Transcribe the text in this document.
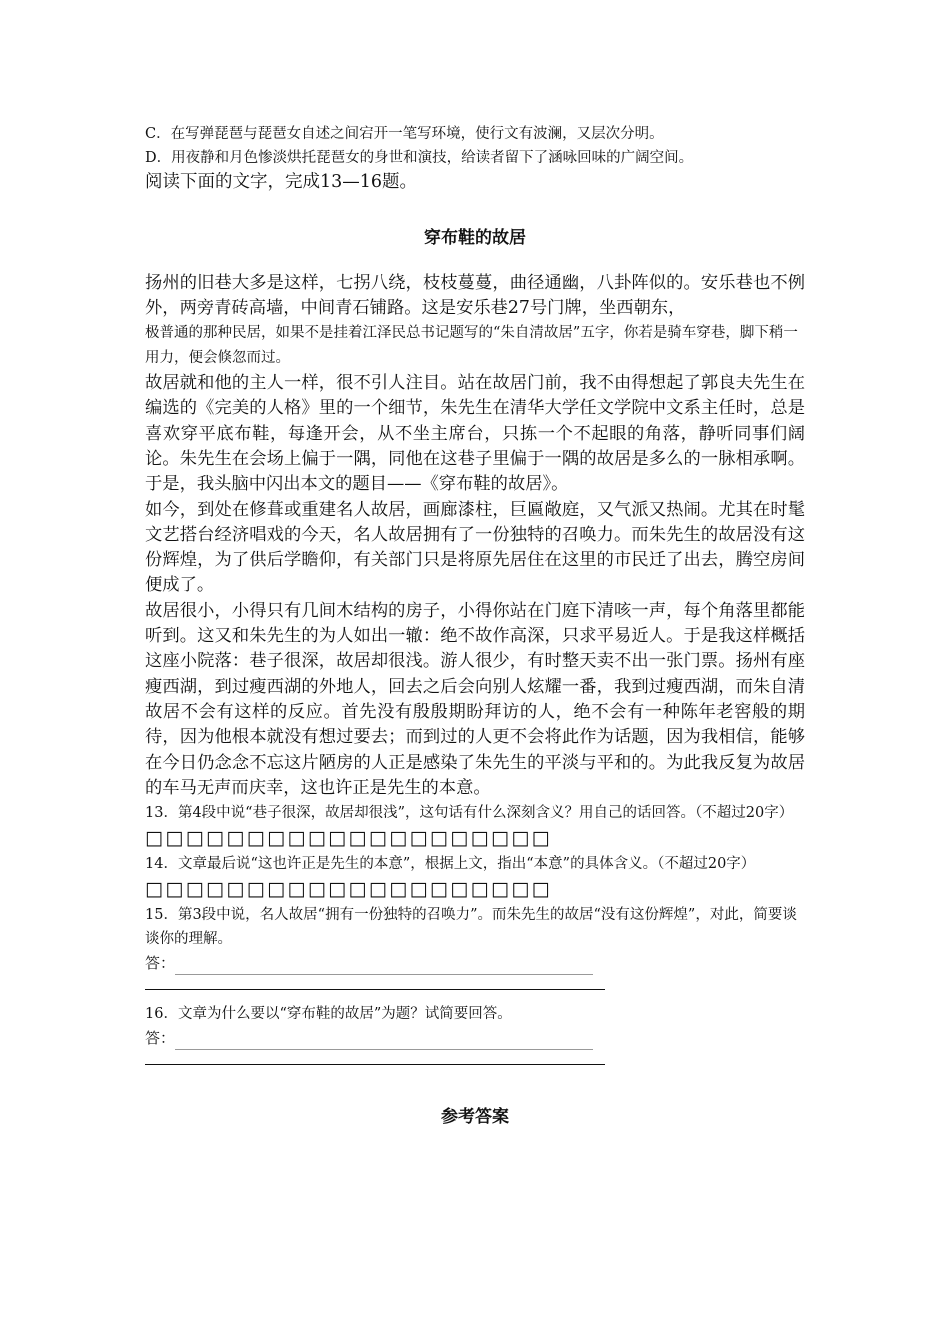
C．在写弹琵琶与琵琶女自述之间宕开一笔写环境，使行文有波澜，又层次分明。
D．用夜静和月色惨淡烘托琵琶女的身世和演技，给读者留下了涵咏回味的广阔空间。
阅读下面的文字，完成13—16题。
穿布鞋的故居
扬州的旧巷大多是这样，七拐八绕，枝枝蔓蔓，曲径通幽，八卦阵似的。安乐巷也不例外，两旁青砖高墙，中间青石铺路。这是安乐巷27号门牌，坐西朝东，
极普通的那种民居，如果不是挂着江泽民总书记题写的“朱自清故居”五字，你若是骑车穿巷，脚下稍一用力，便会倏忽而过。
故居就和他的主人一样，很不引人注目。站在故居门前，我不由得想起了郭良夫先生在编选的《完美的人格》里的一个细节，朱先生在清华大学任文学院中文系主任时，总是喜欢穿平底布鞋，每逢开会，从不坐主席台，只拣一个不起眼的角落，静听同事们阔论。朱先生在会场上偏于一隅，同他在这巷子里偏于一隅的故居是多么的一脉相承啊。于是，我头脑中闪出本文的题目——《穿布鞋的故居》。
如今，到处在修葺或重建名人故居，画廊漆柱，巨匾敞庭，又气派又热闹。尤其在时髦文艺搭台经济唱戏的今天，名人故居拥有了一份独特的召唤力。而朱先生的故居没有这份辉煌，为了供后学瞻仰，有关部门只是将原先居住在这里的市民迁了出去，腾空房间便成了。
故居很小，小得只有几间木结构的房子，小得你站在门庭下清咳一声，每个角落里都能听到。这又和朱先生的为人如出一辙：绝不故作高深，只求平易近人。于是我这样概括这座小院落：巷子很深，故居却很浅。游人很少，有时整天卖不出一张门票。扬州有座瘦西湖，到过瘦西湖的外地人，回去之后会向别人炫耀一番，我到过瘦西湖，而朱自清故居不会有这样的反应。首先没有殷殷期盼拜访的人，绝不会有一种陈年老窖般的期待，因为他根本就没有想过要去；而到过的人更不会将此作为话题，因为我相信，能够在今日仍念念不忘这片陋房的人正是感染了朱先生的平淡与平和的。为此我反复为故居的车马无声而庆幸，这也许正是先生的本意。
13．第4段中说“巷子很深，故居却很浅”，这句话有什么深刻含义？用自己的话回答。（不超过20字）
□□□□□□□□□□□□□□□□□□□□
14．文章最后说“这也许正是先生的本意”，根据上文，指出“本意”的具体含义。（不超过20字）
□□□□□□□□□□□□□□□□□□□□
15．第3段中说，名人故居“拥有一份独特的召唤力”。而朱先生的故居“没有这份辉煌”，对此，简要谈谈你的理解。
答：
16．文章为什么要以“穿布鞋的故居”为题？试简要回答。
答：
参考答案
